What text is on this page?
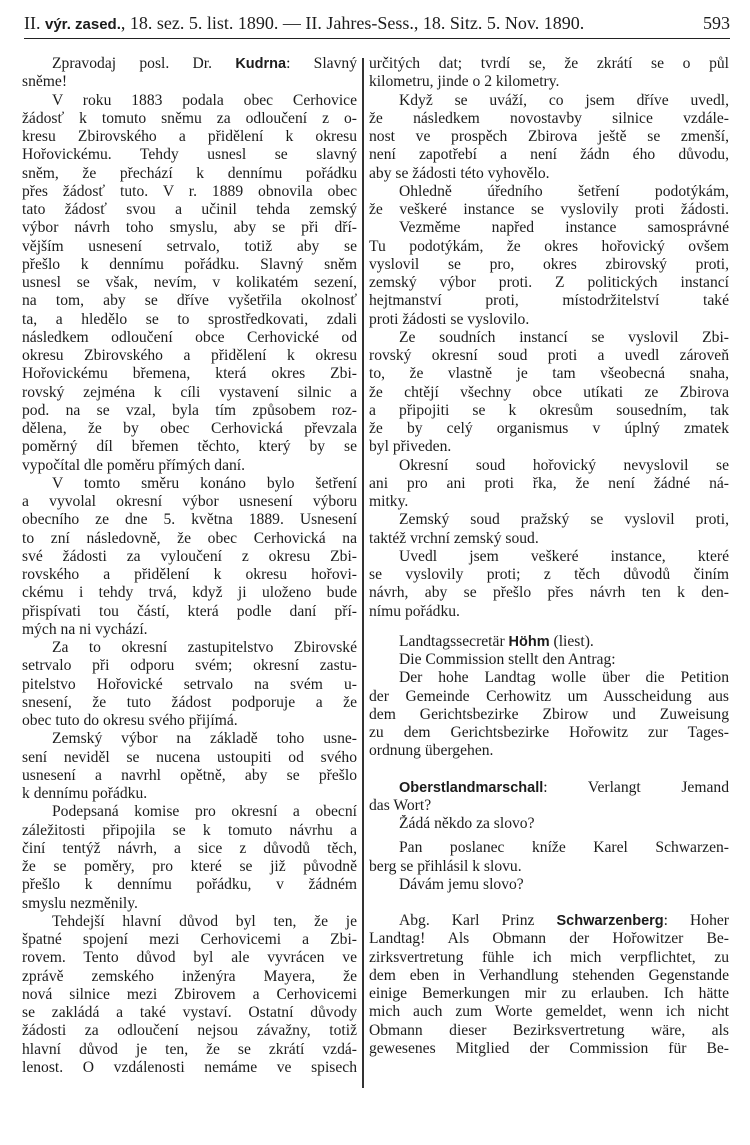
II. výr. zased., 18. sez. 5. list. 1890. — II. Jahres-Sess., 18. Sitz. 5. Nov. 1890.	593
Zpravodaj posl. Dr. Kudrna: Slavný
sněme!
V roku 1883 podala obec Cerhovice
žádosť k tomuto sněmu za odloučení z o-
kresu Zbirovského a přidělení k okresu
Hořovickému. Tehdy usnesl se slavný
sněm, že přechází k dennímu pořádku
přes žádosť tuto. V r. 1889 obnovila obec
tato žádosť svou a učinil tehda zemský
výbor návrh toho smyslu, aby se při dří-
vějším usnesení setrvalo, totiž aby se
přešlo k dennímu pořádku. Slavný sněm
usnesl se však, nevím, v kolikatém sezení,
na tom, aby se dříve vyšetřila okolnosť
ta, a hledělo se to sprostředkovati, zdali
následkem odloučení obce Cerhovické od
okresu Zbirovského a přidělení k okresu
Hořovickému břemena, která okres Zbi-
rovský zejména k cíli vystavení silnic a
pod. na se vzal, byla tím způsobem roz-
dělena, že by obec Cerhovická převzala
poměrný díl břemen těchto, který by se
vypočítal dle poměru přímých daní.
V tomto směru konáno bylo šetření
a vyvolal okresní výbor usnesení výboru
obecního ze dne 5. května 1889. Usnesení
to zní následovně, že obec Cerhovická na
své žádosti za vyloučení z okresu Zbi-
rovského a přidělení k okresu hořovi-
ckému i tehdy trvá, když ji uloženo bude
přispívati tou částí, která podle daní pří-
mých na ni vychází.
Za to okresní zastupitelstvo Zbirovské
setrvalo při odporu svém; okresní zastu-
pitelstvo Hořovické setrvalo na svém u-
snesení, že tuto žádost podporuje a že
obec tuto do okresu svého přijímá.
Zemský výbor na základě toho usne-
sení neviděl se nucena ustoupiti od svého
usnesení a navrhl opětně, aby se přešlo
k dennímu pořádku.
Podepsaná komise pro okresní a obecní
záležitosti připojila se k tomuto návrhu a
činí tentýž návrh, a sice z důvodů těch,
že se poměry, pro které se již původně
přešlo k dennímu pořádku, v žádném
smyslu nezměnily.
Tehdejší hlavní důvod byl ten, že je
špatné spojení mezi Cerhovicemi a Zbi-
rovem. Tento důvod byl ale vyvrácen ve
zprávě zemského inženýra Mayera, že
nová silnice mezi Zbirovem a Cerhovicemi
se zakládá a také vystaví. Ostatní důvody
žádosti za odloučení nejsou závažny, totiž
hlavní důvod je ten, že se zkrátí vzdá-
lenost. O vzdálenosti nemáme ve spisech
určitých dat; tvrdí se, že zkrátí se o půl
kilometru, jinde o 2 kilometry.
Když se uváží, co jsem dříve uvedl,
že následkem novostavby silnice vzdále-
nost ve prospěch Zbirova ještě se zmenší,
není zapotřebí a není žádn ého důvodu,
aby se žádosti této vyhovělo.
Ohledně úředního šetření podotýkám,
že veškeré instance se vyslovily proti žádosti.
Vezměme napřed instance samosprávné
Tu podotýkám, že okres hořovický ovšem
vyslovil se pro, okres zbirovský proti,
zemský výbor proti. Z politických instancí
hejtmanství proti, místodržitelství také
proti žádosti se vyslovilo.
Ze soudních instancí se vyslovil Zbi-
rovský okresní soud proti a uvedl zároveň
to, že vlastně je tam všeobecná snaha,
že chtějí všechny obce utíkati ze Zbirova
a připojiti se k okresům sousedním, tak
že by celý organismus v úplný zmatek
byl přiveden.
Okresní soud hořovický nevyslovil se
ani pro ani proti řka, že není žádné ná-
mitky.
Zemský soud pražský se vyslovil proti,
taktéž vrchní zemský soud.
Uvedl jsem veškeré instance, které
se vyslovily proti; z těch důvodů činím
návrh, aby se přešlo přes návrh ten k den-
nímu pořádku.
Landtagssecretär Höhm (liest).
Die Commission stellt den Antrag:
Der hohe Landtag wolle über die Petition
der Gemeinde Cerhowitz um Ausscheidung aus
dem Gerichtsbezirke Zbirow und Zuweisung
zu dem Gerichtsbezirke Hořowitz zur Tages-
ordnung übergehen.
Oberstlandmarschall: Verlangt Jemand
das Wort?
Žádá někdo za slovo?
Pan poslanec kníže Karel Schwarzen-
berg se přihlásil k slovu.
Dávám jemu slovo?
Abg. Karl Prinz Schwarzenberg: Hoher
Landtag! Als Obmann der Hořowitzer Be-
zirksvertretung fühle ich mich verpflichtet, zu
dem eben in Verhandlung stehenden Gegenstande
einige Bemerkungen mir zu erlauben. Ich hätte
mich auch zum Worte gemeldet, wenn ich nicht
Obmann dieser Bezirksvertretung wäre, als
gewesenes Mitglied der Commission für Be-
